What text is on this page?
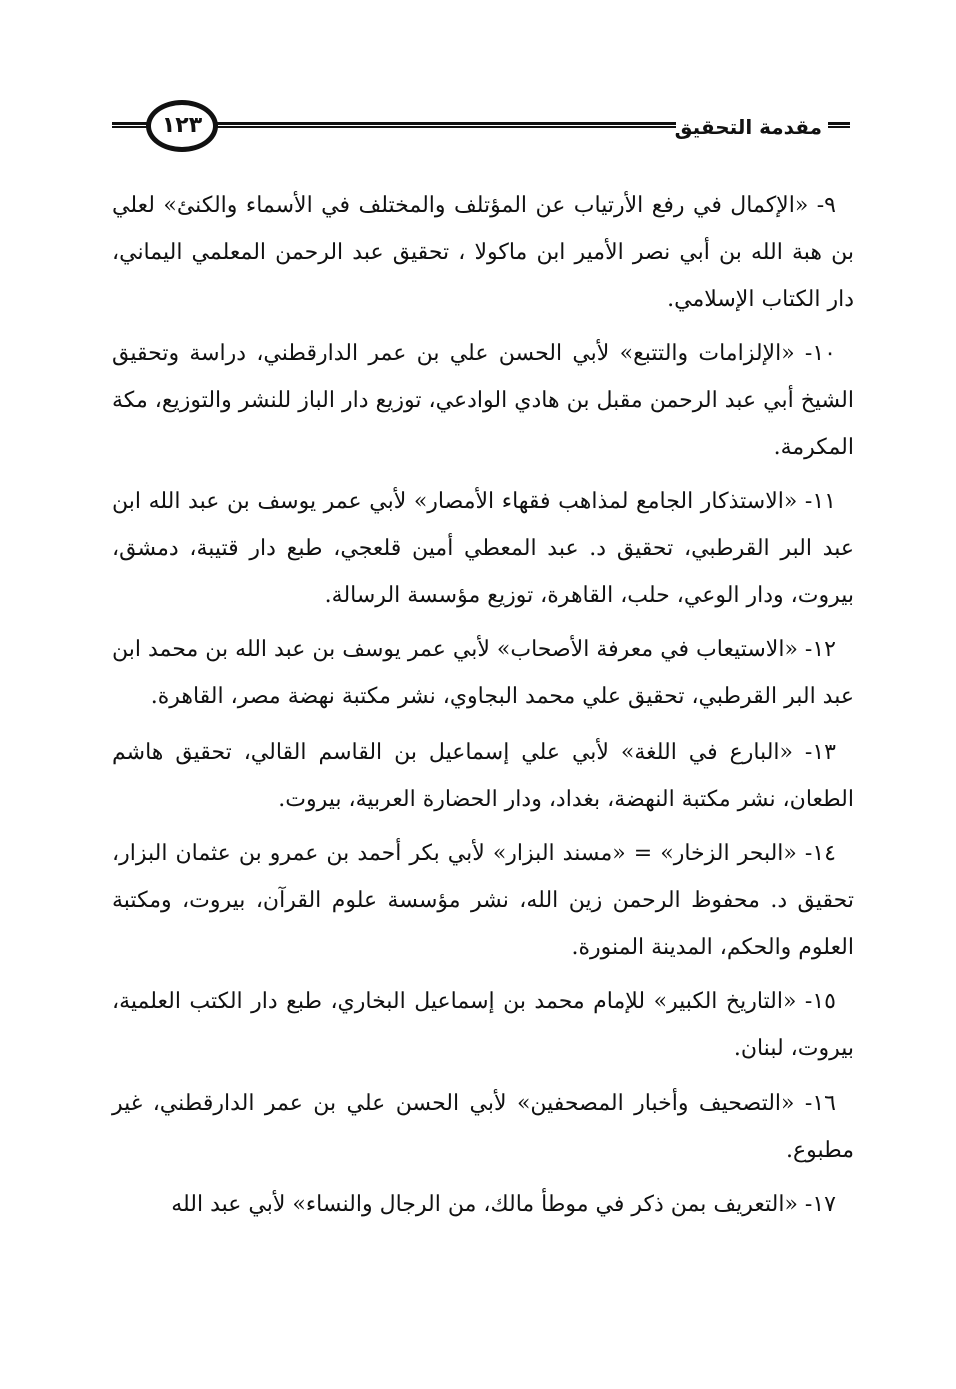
مقدمة التحقيق
١٢٣

٩- «الإكمال في رفع الأرتياب عن المؤتلف والمختلف في الأسماء والكنئ» لعلي بن هبة الله بن أبي نصر الأمير ابن ماكولا ، تحقيق عبد الرحمن المعلمي اليماني، دار الكتاب الإسلامي.

١٠- «الإلزامات والتتبع» لأبي الحسن علي بن عمر الدارقطني، دراسة وتحقيق الشيخ أبي عبد الرحمن مقبل بن هادي الوادعي، توزيع دار الباز للنشر والتوزيع، مكة المكرمة.

١١- «الاستذكار الجامع لمذاهب فقهاء الأمصار» لأبي عمر يوسف بن عبد الله ابن عبد البر القرطبي، تحقيق د. عبد المعطي أمين قلعجي، طبع دار قتيبة، دمشق، بيروت، ودار الوعي، حلب، القاهرة، توزيع مؤسسة الرسالة.

١٢- «الاستيعاب في معرفة الأصحاب» لأبي عمر يوسف بن عبد الله بن محمد ابن عبد البر القرطبي، تحقيق علي محمد البجاوي، نشر مكتبة نهضة مصر، القاهرة.

١٣- «البارع في اللغة» لأبي علي إسماعيل بن القاسم القالي، تحقيق هاشم الطعان، نشر مكتبة النهضة، بغداد، ودار الحضارة العربية، بيروت.

١٤- «البحر الزخار» = «مسند البزار» لأبي بكر أحمد بن عمرو بن عثمان البزار، تحقيق د. محفوظ الرحمن زين الله، نشر مؤسسة علوم القرآن، بيروت، ومكتبة العلوم والحكم، المدينة المنورة.

١٥- «التاريخ الكبير» للإمام محمد بن إسماعيل البخاري، طبع دار الكتب العلمية، بيروت، لبنان.

١٦- «التصحيف وأخبار المصحفين» لأبي الحسن علي بن عمر الدارقطني، غير مطبوع.

١٧- «التعريف بمن ذكر في موطأ مالك، من الرجال والنساء» لأبي عبد الله
